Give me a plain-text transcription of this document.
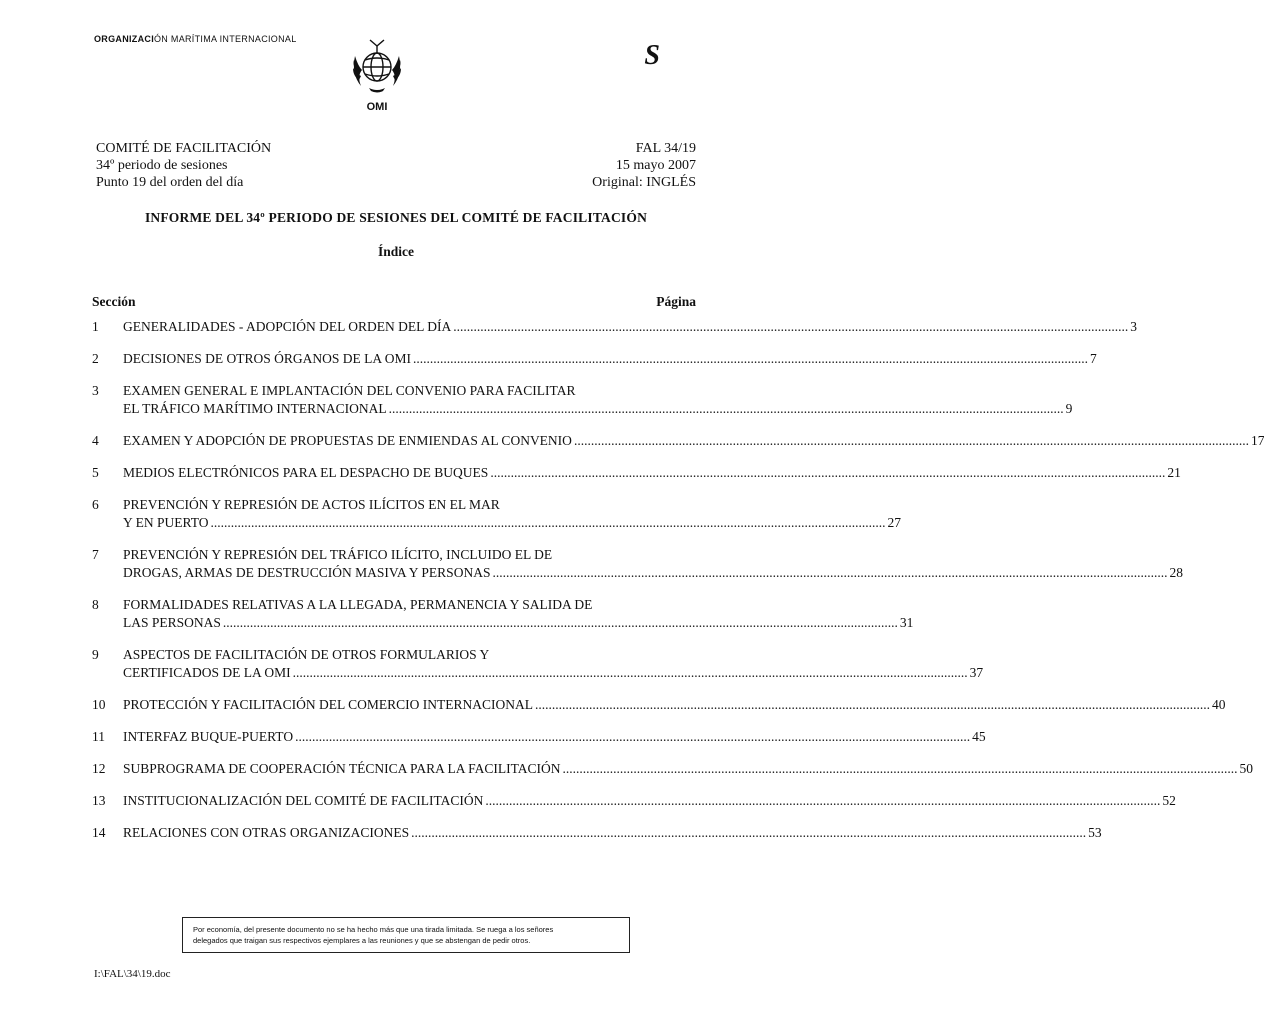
ORGANIZACIÓN MARÍTIMA INTERNACIONAL
OMI
S
COMITÉ DE FACILITACIÓN
34º periodo de sesiones
Punto 19 del orden del día
FAL 34/19
15 mayo 2007
Original: INGLÉS
INFORME DEL 34º PERIODO DE SESIONES DEL COMITÉ DE FACILITACIÓN
Índice
Sección	Página
1	GENERALIDADES - ADOPCIÓN DEL ORDEN DEL DÍA .....	3
2	DECISIONES DE OTROS ÓRGANOS DE LA OMI .....	7
3	EXAMEN GENERAL E IMPLANTACIÓN DEL CONVENIO PARA FACILITAR
EL TRÁFICO MARÍTIMO INTERNACIONAL .....	9
4	EXAMEN Y ADOPCIÓN DE PROPUESTAS DE ENMIENDAS AL CONVENIO .....	17
5	MEDIOS ELECTRÓNICOS PARA EL DESPACHO DE BUQUES .....	21
6	PREVENCIÓN Y REPRESIÓN DE ACTOS ILÍCITOS EN EL MAR
Y EN PUERTO .....	27
7	PREVENCIÓN Y REPRESIÓN DEL TRÁFICO ILÍCITO, INCLUIDO EL DE
DROGAS, ARMAS DE DESTRUCCIÓN MASIVA Y PERSONAS .....	28
8	FORMALIDADES RELATIVAS A LA LLEGADA, PERMANENCIA Y SALIDA DE
LAS PERSONAS .....	31
9	ASPECTOS DE FACILITACIÓN DE OTROS FORMULARIOS Y
CERTIFICADOS DE LA OMI .....	37
10	PROTECCIÓN Y FACILITACIÓN DEL COMERCIO INTERNACIONAL .....	40
11	INTERFAZ BUQUE-PUERTO .....	45
12	SUBPROGRAMA DE COOPERACIÓN TÉCNICA PARA LA FACILITACIÓN .....	50
13	INSTITUCIONALIZACIÓN DEL COMITÉ DE FACILITACIÓN .....	52
14	RELACIONES CON OTRAS ORGANIZACIONES .....	53
Por economía, del presente documento no se ha hecho más que una tirada limitada. Se ruega a los señores
delegados que traigan sus respectivos ejemplares a las reuniones y que se abstengan de pedir otros.
I:\FAL\34\19.doc
